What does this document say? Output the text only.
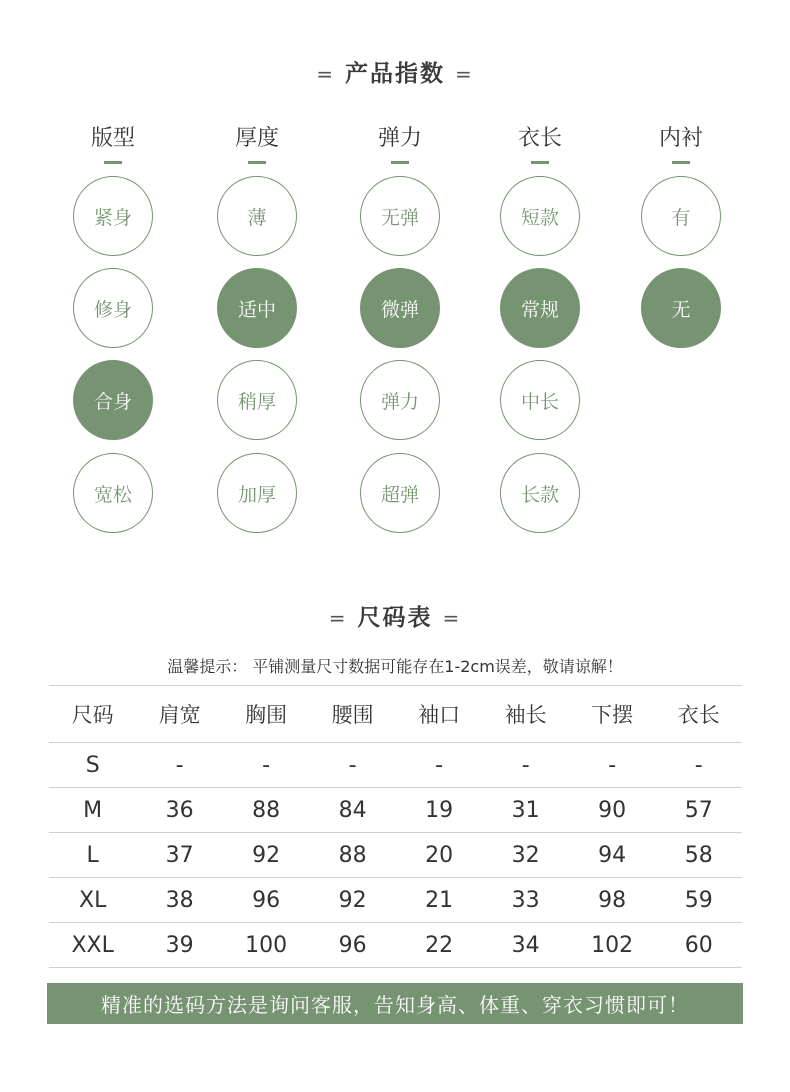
= 产品指数 =
版型
紧身
修身
合身
宽松
厚度
薄
适中
稍厚
加厚
弹力
无弹
微弹
弹力
超弹
衣长
短款
常规
中长
长款
内衬
有
无
= 尺码表 =
温馨提示： 平铺测量尺寸数据可能存在1-2cm误差，敬请谅解！
尺码	肩宽	胸围	腰围	袖口	袖长	下摆	衣长
S	-	-	-	-	-	-	-
M	36	88	84	19	31	90	57
L	37	92	88	20	32	94	58
XL	38	96	92	21	33	98	59
XXL	39	100	96	22	34	102	60
精准的选码方法是询问客服，告知身高、体重、穿衣习惯即可！
